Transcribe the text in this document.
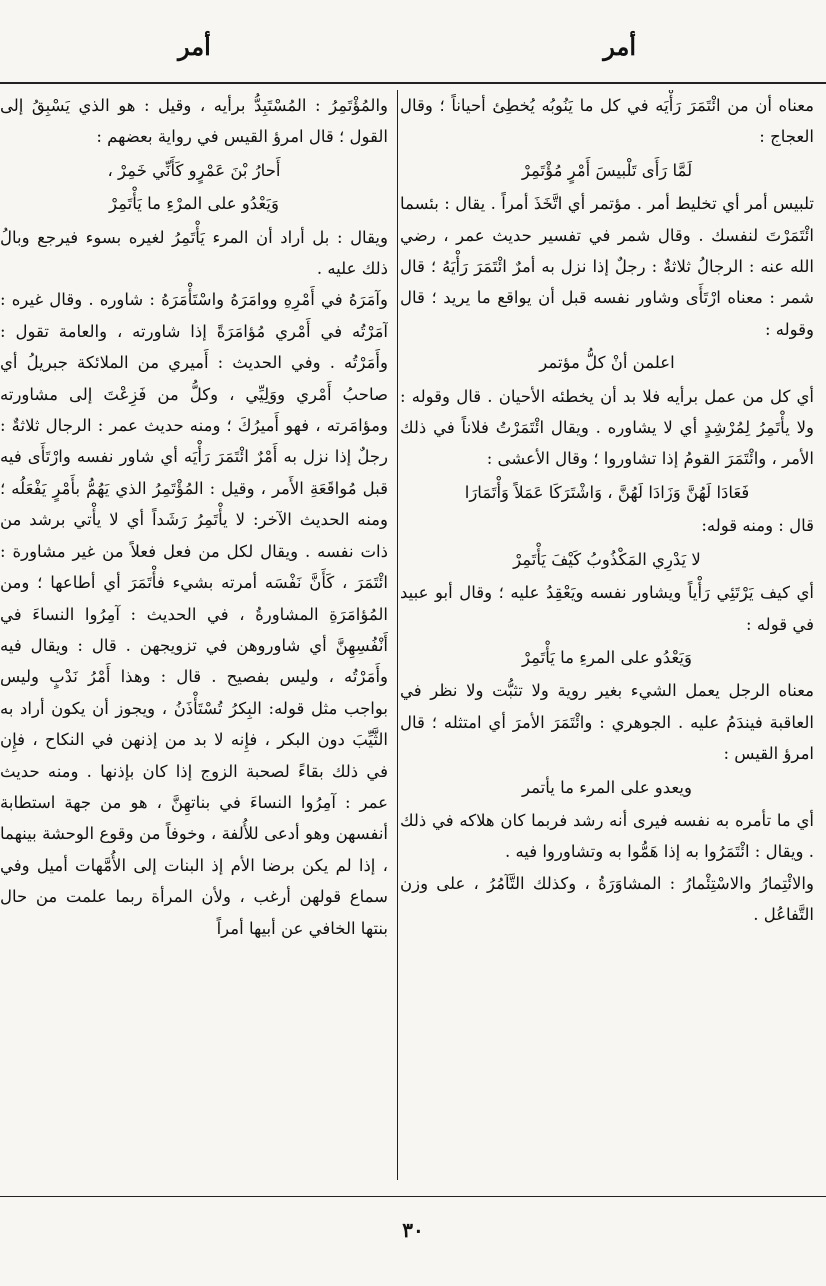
أمر
أمر

معناه أن من ائْتَمَرَ رَأْيَه في كل ما يَنُوبُه يُخطِئ أحياناً ؛ وقال العجاج :

لَمَّا رَأَى تَلْبيسَ أَمْرٍ مُؤْتَمِرْ

تلبيس أمر أي تخليط أمر . مؤتمر أي اتَّخَذَ أمراً . يقال : بئسما ائْتَمَرْتَ لنفسك . وقال شمر في تفسير حديث عمر ، رضي الله عنه : الرجالُ ثلاثةٌ : رجلٌ إذا نزل به أمرٌ ائْتَمَرَ رَأْيَهُ ؛ قال شمر : معناه ارْتَأَى وشاور نفسه قبل أن يواقع ما يريد ؛ قال وقوله :

اعلمن أنْ كلُّ مؤتمر

أي كل من عمل برأيه فلا بد أن يخطئه الأحيان . قال وقوله : ولا يأْتَمِرُ لِمُرْشِدٍ أي لا يشاوره . ويقال ائْتَمَرْتُ فلاناً في ذلك الأمر ، وائْتَمَرَ القومُ إذا تشاوروا ؛ وقال الأعشى :

فَعَادَا لَهُنَّ وَزَادَا لَهُنَّ ، وَاشْتَرَكَا عَمَلاً وَأْتَمَارَا

قال : ومنه قوله:

لا يَدْرِي المَكْذُوبُ كَيْفَ يَأْتَمِرْ

أي كيف يَرْتَئِي رَأْياً ويشاور نفسه ويَعْقِدُ عليه ؛ وقال أبو عبيد في قوله :

وَيَعْدُو على المرءِ ما يَأْتَمِرْ

معناه الرجل يعمل الشيء بغير روية ولا تثبُّت ولا نظر في العاقبة فيندَمُ عليه . الجوهري : وائْتَمَرَ الأمرَ أي امتثله ؛ قال امرؤ القيس :

ويعدو على المرء ما يأتمر

أي ما تأمره به نفسه فيرى أنه رشد فربما كان هلاكه في ذلك . ويقال : ائْتَمَرُوا به إذا هَمُّوا به وتشاوروا فيه .

والائْتِمارُ والاسْتِئْمارُ : المشاوَرَةُ ، وكذلك التَّآمُرُ ، على وزن التَّفاعُل .

والمُؤْتَمِرُ : المُسْتَبِدُّ برأيه ، وقيل : هو الذي يَسْبِقُ إلى القول ؛ قال امرؤ القيس في رواية بعضهم :

أَحارُ بْنَ عَمْرٍو كَأَنِّي خَمِرْ ،

وَيَعْدُو على المرْءِ ما يَأْتَمِرْ

ويقال : بل أراد أن المرء يَأْتَمِرُ لغيره بسوء فيرجع وبالُ ذلك عليه .

وآمَرَهُ في أَمْرِهِ ووامَرَهُ واسْتَأْمَرَهُ : شاوره . وقال غيره : آمَرْتُه في أَمْري مُؤامَرَةً إذا شاورته ، والعامة تقول : وأَمَرْتُه . وفي الحديث : أَميري من الملائكة جبريلُ أي صاحبُ أَمْري ووَلِيِّي ، وكلُّ من فَزِعْتَ إلى مشاورته ومؤامَرته ، فهو أَميرُكَ ؛ ومنه حديث عمر : الرجال ثلاثةٌ : رجلٌ إذا نزل به أَمْرٌ ائْتَمَرَ رَأْيَه أي شاور نفسه وارْتَأَى فيه قبل مُواقَعَةِ الأَمر ، وقيل : المُؤْتَمِرُ الذي يَهُمُّ بأَمْرٍ يَفْعَلُه ؛ ومنه الحديث الآخر: لا يأْتَمِرُ رَشَداً أي لا يأْتي برشد من ذات نفسه . ويقال لكل من فعل فعلاً من غير مشاورة : ائْتَمَرَ ، كَأَنَّ نَفْسَه أمرته بشيء فأْتَمَرَ أي أطاعها ؛ ومن المُؤامَرَةِ المشاورةُ ، في الحديث : آمِرُوا النساءَ في أَنْفُسِهِنَّ أي شاوروهن في تزويجهن . قال : ويقال فيه وأَمَرْتُه ، وليس بفصيح . قال : وهذا أَمْرُ نَدْبٍ وليس بواجب مثل قوله: البِكرُ تُسْتَأْذَنُ ، ويجوز أن يكون أراد به الثَّيِّبَ دون البكر ، فإِنه لا بد من إذنهن في النكاح ، فإِن في ذلك بقاءً لصحبة الزوج إذا كان بإذنها . ومنه حديث عمر : آمِرُوا النساءَ في بناتهِنَّ ، هو من جهة استطابة أنفسهن وهو أدعى للأُلفة ، وخوفاً من وقوع الوحشة بينهما ، إذا لم يكن برضا الأم إذ البنات إلى الأُمَّهات أميل وفي سماع قولهن أرغب ، ولأن المرأة ربما علمت من حال بنتها الخافي عن أبيها أمراً

٣٠
